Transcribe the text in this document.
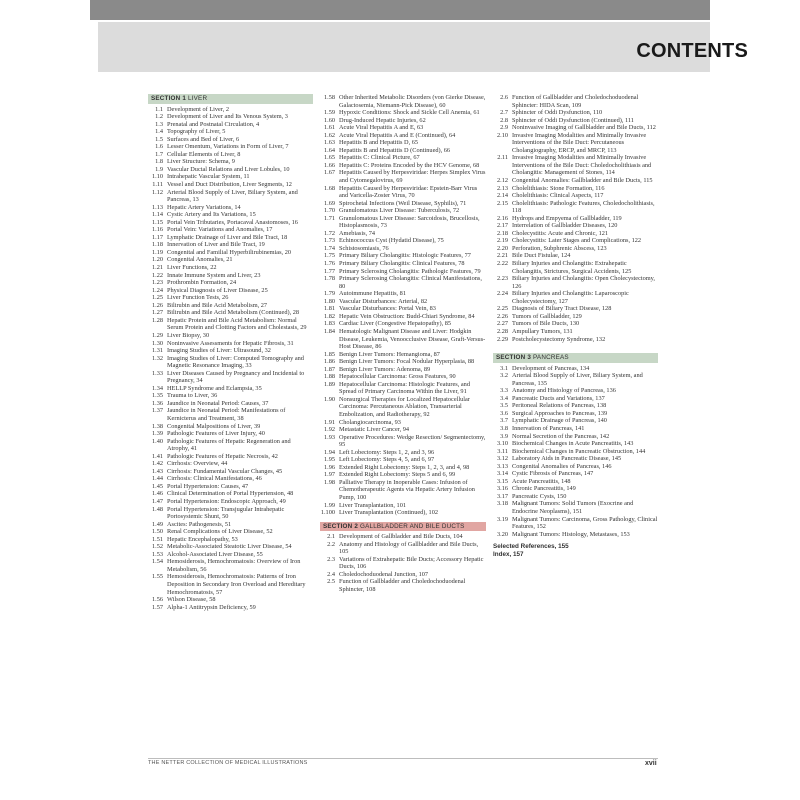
CONTENTS
SECTION 1 LIVER
1.1 Development of Liver, 2
1.2 Development of Liver and Its Venous System, 3
1.3 Prenatal and Postnatal Circulation, 4
1.4 Topography of Liver, 5
1.5 Surfaces and Bed of Liver, 6
1.6 Lesser Omentum, Variations in Form of Liver, 7
1.7 Cellular Elements of Liver, 8
1.8 Liver Structure: Schema, 9
1.9 Vascular Ductal Relations and Liver Lobules, 10
1.10 Intrahepatic Vascular System, 11
1.11 Vessel and Duct Distribution, Liver Segments, 12
1.12 Arterial Blood Supply of Liver, Biliary System, and Pancreas, 13
1.13 Hepatic Artery Variations, 14
1.14 Cystic Artery and Its Variations, 15
1.15 Portal Vein Tributaries, Portacaval Anastomoses, 16
1.16 Portal Vein: Variations and Anomalies, 17
1.17 Lymphatic Drainage of Liver and Bile Tract, 18
1.18 Innervation of Liver and Bile Tract, 19
1.19 Congenital and Familial Hyperbilirubinemias, 20
1.20 Congenital Anomalies, 21
1.21 Liver Functions, 22
1.22 Innate Immune System and Liver, 23
1.23 Prothrombin Formation, 24
1.24 Physical Diagnosis of Liver Disease, 25
1.25 Liver Function Tests, 26
1.26 Bilirubin and Bile Acid Metabolism, 27
1.27 Bilirubin and Bile Acid Metabolism (Continued), 28
1.28 Hepatic Protein and Bile Acid Metabolism: Normal Serum Protein and Clotting Factors and Cholestasis, 29
1.29 Liver Biopsy, 30
1.30 Noninvasive Assessments for Hepatic Fibrosis, 31
1.31 Imaging Studies of Liver: Ultrasound, 32
1.32 Imaging Studies of Liver: Computed Tomography and Magnetic Resonance Imaging, 33
1.33 Liver Diseases Caused by Pregnancy and Incidental to Pregnancy, 34
1.34 HELLP Syndrome and Eclampsia, 35
1.35 Trauma to Liver, 36
1.36 Jaundice in Neonatal Period: Causes, 37
1.37 Jaundice in Neonatal Period: Manifestations of Kernicterus and Treatment, 38
1.38 Congenital Malpositions of Liver, 39
1.39 Pathologic Features of Liver Injury, 40
1.40 Pathologic Features of Hepatic Regeneration and Atrophy, 41
1.41 Pathologic Features of Hepatic Necrosis, 42
1.42 Cirrhosis: Overview, 44
1.43 Cirrhosis: Fundamental Vascular Changes, 45
1.44 Cirrhosis: Clinical Manifestations, 46
1.45 Portal Hypertension: Causes, 47
1.46 Clinical Determination of Portal Hypertension, 48
1.47 Portal Hypertension: Endoscopic Approach, 49
1.48 Portal Hypertension: Transjugular Intrahepatic Portosystemic Shunt, 50
1.49 Ascites: Pathogenesis, 51
1.50 Renal Complications of Liver Disease, 52
1.51 Hepatic Encephalopathy, 53
1.52 Metabolic-Associated Steatotic Liver Disease, 54
1.53 Alcohol-Associated Liver Disease, 55
1.54 Hemosiderosis, Hemochromatosis: Overview of Iron Metabolism, 56
1.55 Hemosiderosis, Hemochromatosis: Patterns of Iron Deposition in Secondary Iron Overload and Hereditary Hemochromatosis, 57
1.56 Wilson Disease, 58
1.57 Alpha-1 Antitrypsin Deficiency, 59
1.58 Other Inherited Metabolic Disorders (von Gierke Disease, Galactosemia, Niemann-Pick Disease), 60
1.59 Hypoxic Conditions: Shock and Sickle Cell Anemia, 61
1.60 Drug-Induced Hepatic Injuries, 62
1.61 Acute Viral Hepatitis A and E, 63
1.62 Acute Viral Hepatitis A and E (Continued), 64
1.63 Hepatitis B and Hepatitis D, 65
1.64 Hepatitis B and Hepatitis D (Continued), 66
1.65 Hepatitis C: Clinical Picture, 67
1.66 Hepatitis C: Proteins Encoded by the HCV Genome, 68
1.67 Hepatitis Caused by Herpesviridae: Herpes Simplex Virus and Cytomegalovirus, 69
1.68 Hepatitis Caused by Herpesviridae: Epstein-Barr Virus and Varicella-Zoster Virus, 70
1.69 Spirochetal Infections (Weil Disease, Syphilis), 71
1.70 Granulomatous Liver Disease: Tuberculosis, 72
1.71 Granulomatous Liver Disease: Sarcoidosis, Brucellosis, Histoplasmosis, 73
1.72 Amebiasis, 74
1.73 Echinococcus Cyst (Hydatid Disease), 75
1.74 Schistosomiasis, 76
1.75 Primary Biliary Cholangitis: Histologic Features, 77
1.76 Primary Biliary Cholangitis: Clinical Features, 78
1.77 Primary Sclerosing Cholangitis: Pathologic Features, 79
1.78 Primary Sclerosing Cholangitis: Clinical Manifestations, 80
1.79 Autoimmune Hepatitis, 81
1.80 Vascular Disturbances: Arterial, 82
1.81 Vascular Disturbances: Portal Vein, 83
1.82 Hepatic Vein Obstruction: Budd-Chiari Syndrome, 84
1.83 Cardiac Liver (Congestive Hepatopathy), 85
1.84 Hematologic Malignant Disease and Liver: Hodgkin Disease, Leukemia, Venoocclusive Disease, Graft-Versus-Host Disease, 86
1.85 Benign Liver Tumors: Hemangioma, 87
1.86 Benign Liver Tumors: Focal Nodular Hyperplasia, 88
1.87 Benign Liver Tumors: Adenoma, 89
1.88 Hepatocellular Carcinoma: Gross Features, 90
1.89 Hepatocellular Carcinoma: Histologic Features, and Spread of Primary Carcinoma Within the Liver, 91
1.90 Nonsurgical Therapies for Localized Hepatocellular Carcinoma: Percutaneous Ablation, Transarterial Embolization, and Radiotherapy, 92
1.91 Cholangiocarcinoma, 93
1.92 Metastatic Liver Cancer, 94
1.93 Operative Procedures: Wedge Resection/ Segmentectomy, 95
1.94 Left Lobectomy: Steps 1, 2, and 3, 96
1.95 Left Lobectomy: Steps 4, 5, and 6, 97
1.96 Extended Right Lobectomy: Steps 1, 2, 3, and 4, 98
1.97 Extended Right Lobectomy: Steps 5 and 6, 99
1.98 Palliative Therapy in Inoperable Cases: Infusion of Chemotherapeutic Agents via Hepatic Artery Infusion Pump, 100
1.99 Liver Transplantation, 101
1.100 Liver Transplantation (Continued), 102
SECTION 2 GALLBLADDER AND BILE DUCTS
2.1 Development of Gallbladder and Bile Ducts, 104
2.2 Anatomy and Histology of Gallbladder and Bile Ducts, 105
2.3 Variations of Extrahepatic Bile Ducts; Accessory Hepatic Ducts, 106
2.4 Choledochoduodenal Junction, 107
2.5 Function of Gallbladder and Choledochoduodenal Sphincter, 108
2.6 Function of Gallbladder and Choledochoduodenal Sphincter: HIDA Scan, 109
2.7 Sphincter of Oddi Dysfunction, 110
2.8 Sphincter of Oddi Dysfunction (Continued), 111
2.9 Noninvasive Imaging of Gallbladder and Bile Ducts, 112
2.10 Invasive Imaging Modalities and Minimally Invasive Interventions of the Bile Duct: Percutaneous Cholangiography, ERCP, and MRCP, 113
2.11 Invasive Imaging Modalities and Minimally Invasive Interventions of the Bile Duct: Choledocholithiasis and Cholangitis: Management of Stones, 114
2.12 Congenital Anomalies: Gallbladder and Bile Ducts, 115
2.13 Cholelithiasis: Stone Formation, 116
2.14 Cholelithiasis: Clinical Aspects, 117
2.15 Cholelithiasis: Pathologic Features, Choledocholithiasis, 118
2.16 Hydrops and Empyema of Gallbladder, 119
2.17 Interrelation of Gallbladder Diseases, 120
2.18 Cholecystitis: Acute and Chronic, 121
2.19 Cholecystitis: Later Stages and Complications, 122
2.20 Perforation, Subphrenic Abscess, 123
2.21 Bile Duct Fistulae, 124
2.22 Biliary Injuries and Cholangitis: Extrahepatic Cholangitis, Strictures, Surgical Accidents, 125
2.23 Biliary Injuries and Cholangitis: Open Cholecystectomy, 126
2.24 Biliary Injuries and Cholangitis: Laparoscopic Cholecystectomy, 127
2.25 Diagnosis of Biliary Tract Disease, 128
2.26 Tumors of Gallbladder, 129
2.27 Tumors of Bile Ducts, 130
2.28 Ampullary Tumors, 131
2.29 Postcholecystectomy Syndrome, 132
SECTION 3 PANCREAS
3.1 Development of Pancreas, 134
3.2 Arterial Blood Supply of Liver, Biliary System, and Pancreas, 135
3.3 Anatomy and Histology of Pancreas, 136
3.4 Pancreatic Ducts and Variations, 137
3.5 Peritoneal Relations of Pancreas, 138
3.6 Surgical Approaches to Pancreas, 139
3.7 Lymphatic Drainage of Pancreas, 140
3.8 Innervation of Pancreas, 141
3.9 Normal Secretion of the Pancreas, 142
3.10 Biochemical Changes in Acute Pancreatitis, 143
3.11 Biochemical Changes in Pancreatic Obstruction, 144
3.12 Laboratory Aids in Pancreatic Disease, 145
3.13 Congenital Anomalies of Pancreas, 146
3.14 Cystic Fibrosis of Pancreas, 147
3.15 Acute Pancreatitis, 148
3.16 Chronic Pancreatitis, 149
3.17 Pancreatic Cysts, 150
3.18 Malignant Tumors: Solid Tumors (Exocrine and Endocrine Neoplasms), 151
3.19 Malignant Tumors: Carcinoma, Gross Pathology, Clinical Features, 152
3.20 Malignant Tumors: Histology, Metastases, 153
Selected References, 155
Index, 157
THE NETTER COLLECTION OF MEDICAL ILLUSTRATIONS	xvii
